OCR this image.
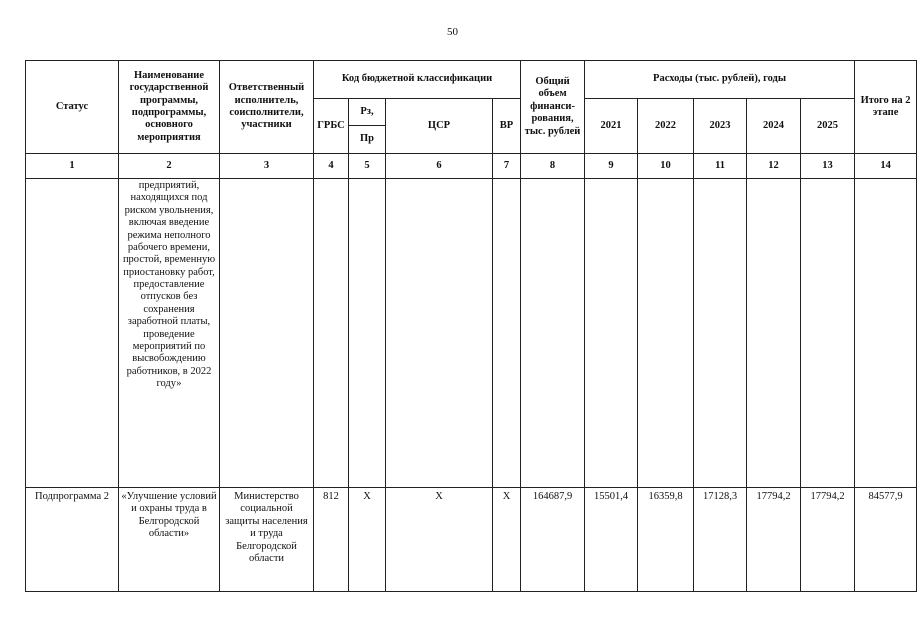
50
Статус	Наименование государственной программы, подпрограммы, основного мероприятия	Ответственный исполнитель, соисполнители, участники	Код бюджетной классификации				Общий объем финанси-рования, тыс. рублей	Расходы (тыс. рублей), годы					Итого на 2 этапе
			ГРБС	Рз,	ЦСР	ВР		2021	2022	2023	2024	2025	
				Пр									
1	2	3	4	5	6	7	8	9	10	11	12	13	14
	предприятий, находящихся под риском увольнения, включая введение режима неполного рабочего времени, простой, временную приостановку работ, предоставление отпусков без сохранения заработной платы, проведение мероприятий по высвобождению работников, в 2022 году»												
Подпрограмма 2	«Улучшение условий и охраны труда в Белгородской области»	Министерство социальной защиты населения и труда Белгородской области	812	Х	Х	Х	164687,9	15501,4	16359,8	17128,3	17794,2	17794,2	84577,9
